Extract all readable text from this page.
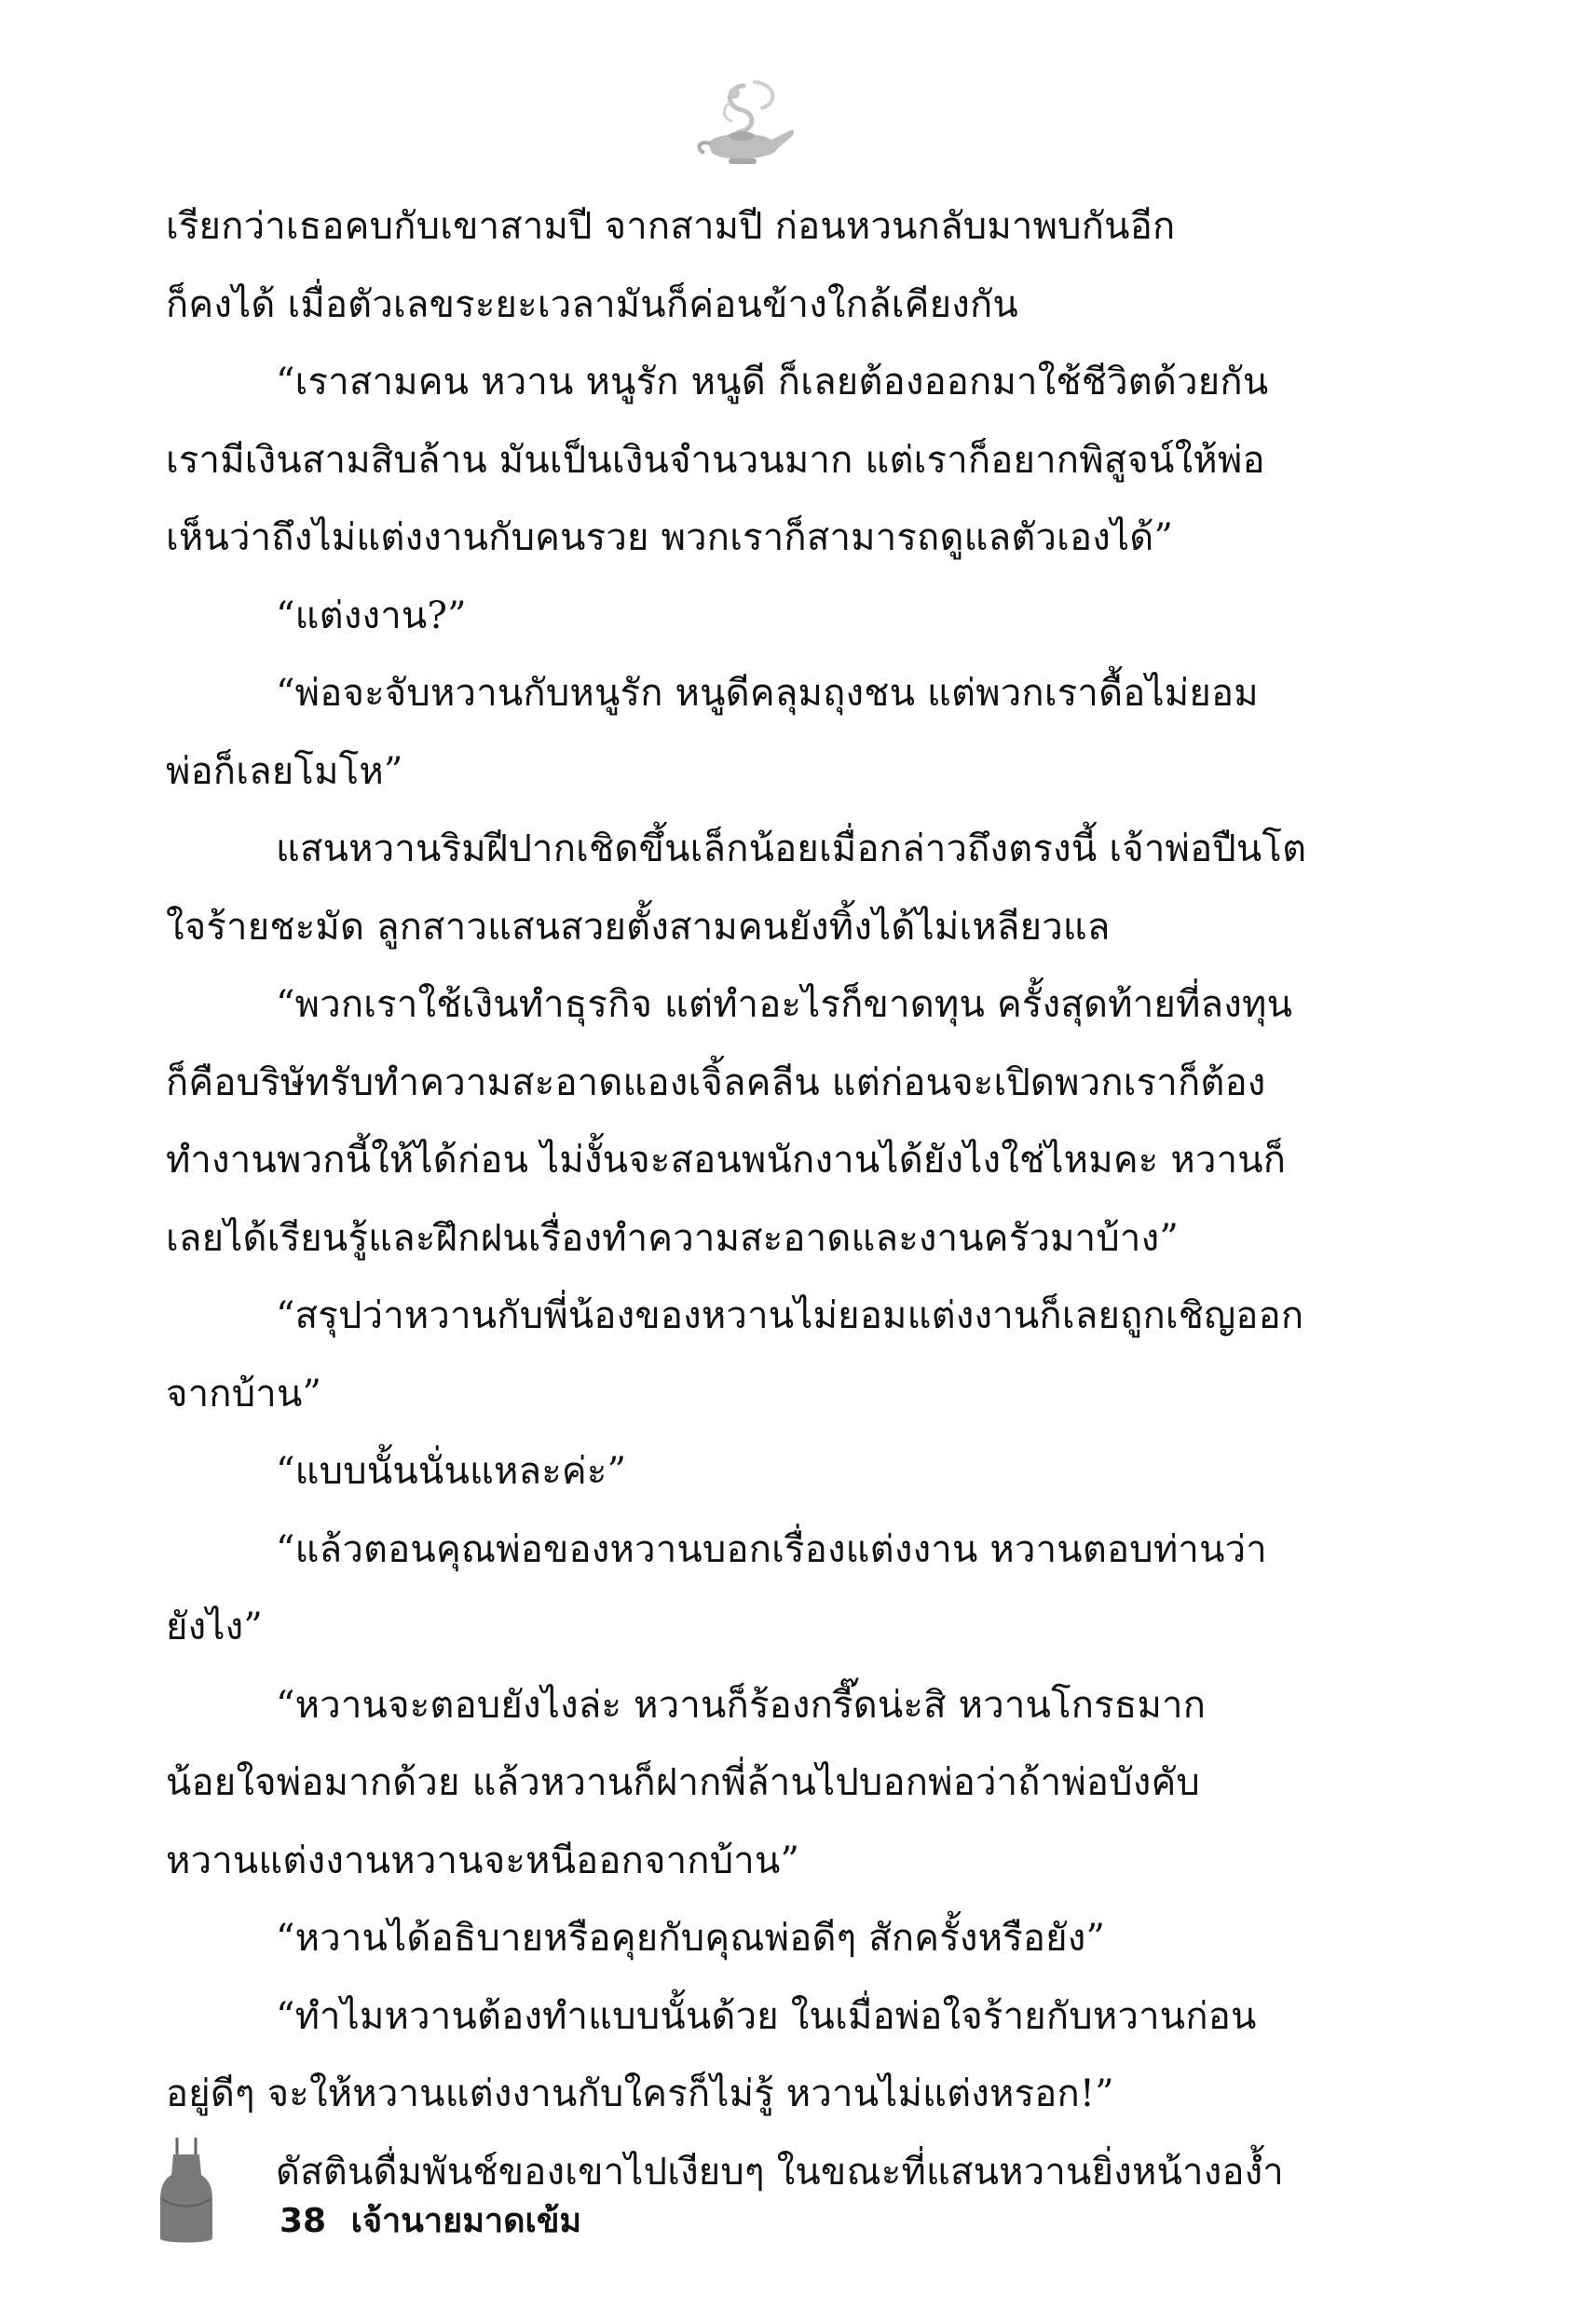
เรียกว่าเธอคบกับเขาสามปี จากสามปี ก่อนหวนกลับมาพบกันอีก
ก็คงได้ เมื่อตัวเลขระยะเวลามันก็ค่อนข้างใกล้เคียงกัน
“เราสามคน หวาน หนูรัก หนูดี ก็เลยต้องออกมาใช้ชีวิตด้วยกัน
เรามีเงินสามสิบล้าน มันเป็นเงินจำนวนมาก แต่เราก็อยากพิสูจน์ให้พ่อ
เห็นว่าถึงไม่แต่งงานกับคนรวย พวกเราก็สามารถดูแลตัวเองได้”
“แต่งงาน?”
“พ่อจะจับหวานกับหนูรัก หนูดีคลุมถุงชน แต่พวกเราดื้อไม่ยอม
พ่อก็เลยโมโห”
แสนหวานริมฝีปากเชิดขึ้นเล็กน้อยเมื่อกล่าวถึงตรงนี้ เจ้าพ่อปืนโต
ใจร้ายชะมัด ลูกสาวแสนสวยตั้งสามคนยังทิ้งได้ไม่เหลียวแล
“พวกเราใช้เงินทำธุรกิจ แต่ทำอะไรก็ขาดทุน ครั้งสุดท้ายที่ลงทุน
ก็คือบริษัทรับทำความสะอาดแองเจิ้ลคลีน แต่ก่อนจะเปิดพวกเราก็ต้อง
ทำงานพวกนี้ให้ได้ก่อน ไม่งั้นจะสอนพนักงานได้ยังไงใช่ไหมคะ หวานก็
เลยได้เรียนรู้และฝึกฝนเรื่องทำความสะอาดและงานครัวมาบ้าง”
“สรุปว่าหวานกับพี่น้องของหวานไม่ยอมแต่งงานก็เลยถูกเชิญออก
จากบ้าน”
“แบบนั้นนั่นแหละค่ะ”
“แล้วตอนคุณพ่อของหวานบอกเรื่องแต่งงาน หวานตอบท่านว่า
ยังไง”
“หวานจะตอบยังไงล่ะ หวานก็ร้องกรี๊ดน่ะสิ หวานโกรธมาก
น้อยใจพ่อมากด้วย แล้วหวานก็ฝากพี่ล้านไปบอกพ่อว่าถ้าพ่อบังคับ
หวานแต่งงานหวานจะหนีออกจากบ้าน”
“หวานได้อธิบายหรือคุยกับคุณพ่อดีๆ สักครั้งหรือยัง”
“ทำไมหวานต้องทำแบบนั้นด้วย ในเมื่อพ่อใจร้ายกับหวานก่อน
อยู่ดีๆ จะให้หวานแต่งงานกับใครก็ไม่รู้ หวานไม่แต่งหรอก!”
ดัสตินดื่มพันช์ของเขาไปเงียบๆ ในขณะที่แสนหวานยิ่งหน้างอง้ำ
38 เจ้านายมาดเข้ม
